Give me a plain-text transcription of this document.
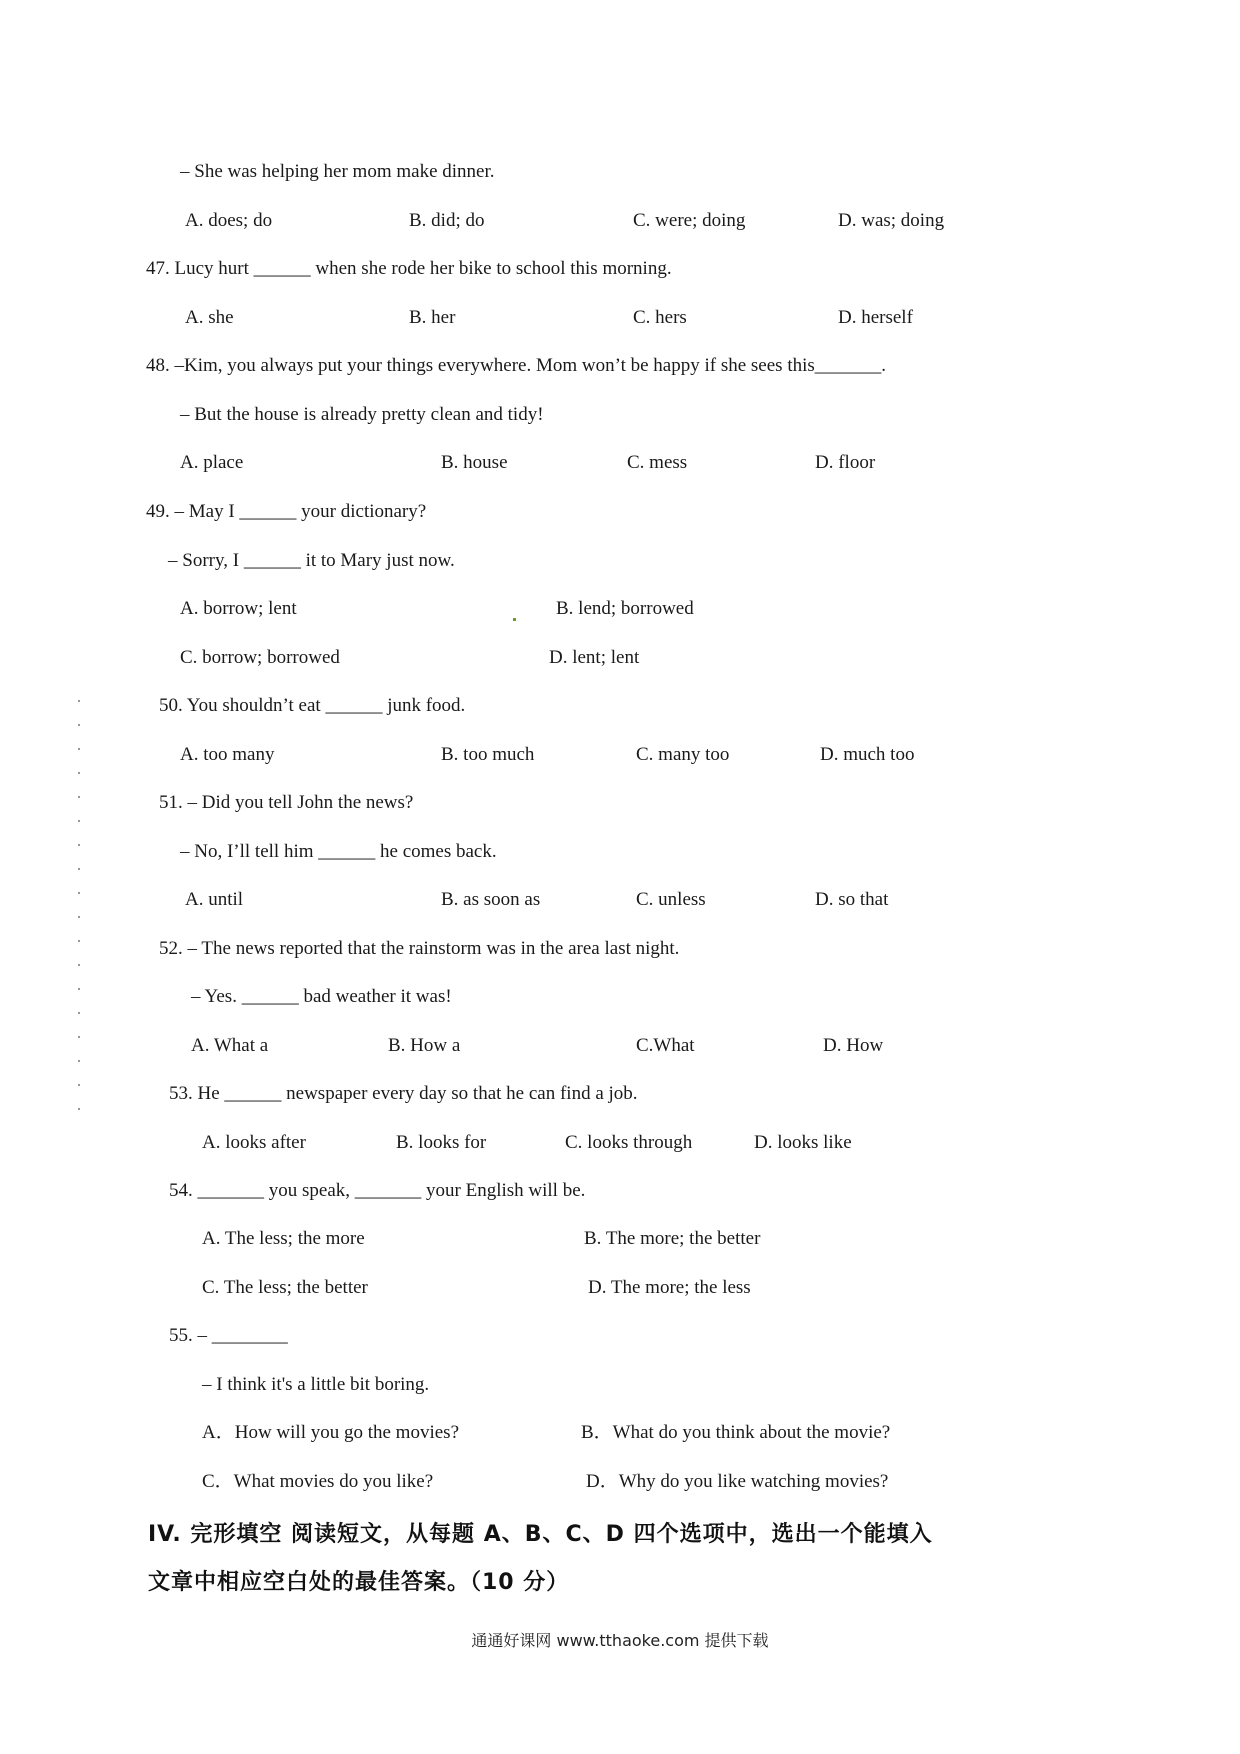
– She was helping her mom make dinner.
A. does; do	B. did; do	C. were; doing	D. was; doing
47. Lucy hurt ______ when she rode her bike to school this morning.
A. she	B. her	C. hers	D. herself
48. –Kim, you always put your things everywhere. Mom won’t be happy if she sees this_______.
– But the house is already pretty clean and tidy!
A. place	B. house	C. mess	D. floor
49. – May I ______ your dictionary?
– Sorry, I ______ it to Mary just now.
A. borrow; lent	B. lend; borrowed
C. borrow; borrowed	D. lent; lent
50. You shouldn’t eat ______ junk food.
A. too many	B. too much	C. many too	D. much too
51. – Did you tell John the news?
– No, I’ll tell him ______ he comes back.
A. until	B. as soon as	C. unless	D. so that
52. – The news reported that the rainstorm was in the area last night.
– Yes. ______ bad weather it was!
A. What a	B. How a	C.What	D. How
53. He ______ newspaper every day so that he can find a job.
A. looks after	B. looks for	C. looks through	D. looks like
54. _______ you speak, _______ your English will be.
A. The less; the more	B. The more; the better
C. The less; the better	D. The more; the less
55. – ________
– I think it's a little bit boring.
A．How will you go the movies?	B．What do you think about the movie?
C．What movies do you like?	D．Why do you like watching movies?
IV. 完形填空 阅读短文，从每题 A、B、C、D 四个选项中，选出一个能填入
文章中相应空白处的最佳答案。（10 分）
通通好课网 www.tthaoke.com 提供下载
